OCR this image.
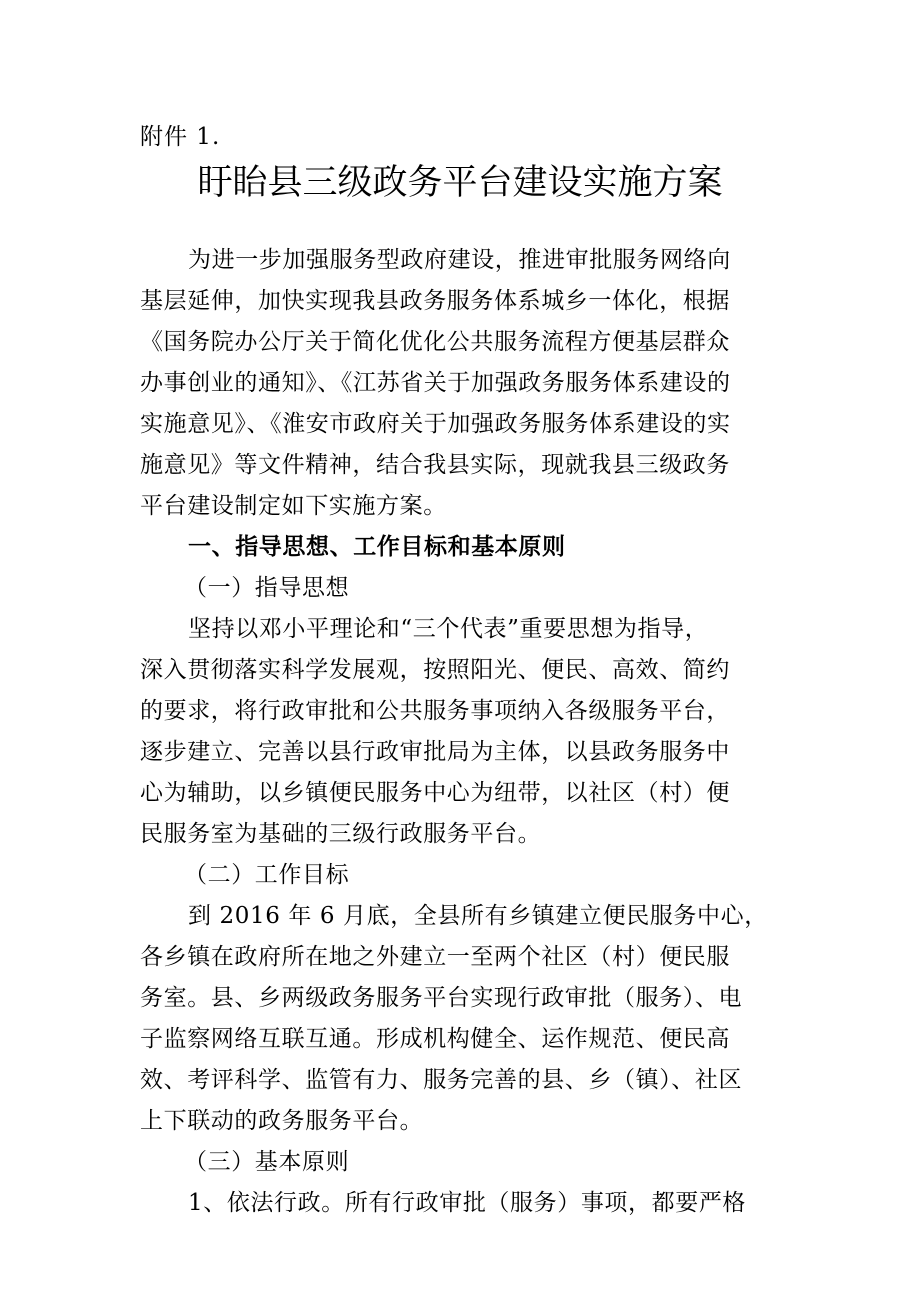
附件 1.
盱眙县三级政务平台建设实施方案
为进一步加强服务型政府建设，推进审批服务网络向
基层延伸，加快实现我县政务服务体系城乡一体化，根据
《国务院办公厅关于简化优化公共服务流程方便基层群众
办事创业的通知》、《江苏省关于加强政务服务体系建设的
实施意见》、《淮安市政府关于加强政务服务体系建设的实
施意见》等文件精神，结合我县实际，现就我县三级政务
平台建设制定如下实施方案。
一、指导思想、工作目标和基本原则
（一）指导思想
坚持以邓小平理论和“三个代表”重要思想为指导，
深入贯彻落实科学发展观，按照阳光、便民、高效、简约
的要求，将行政审批和公共服务事项纳入各级服务平台，
逐步建立、完善以县行政审批局为主体，以县政务服务中
心为辅助，以乡镇便民服务中心为纽带，以社区（村）便
民服务室为基础的三级行政服务平台。
（二）工作目标
到 2016 年 6 月底，全县所有乡镇建立便民服务中心，
各乡镇在政府所在地之外建立一至两个社区（村）便民服
务室。县、乡两级政务服务平台实现行政审批（服务）、电
子监察网络互联互通。形成机构健全、运作规范、便民高
效、考评科学、监管有力、服务完善的县、乡（镇）、社区
上下联动的政务服务平台。
（三）基本原则
1、依法行政。所有行政审批（服务）事项，都要严格
